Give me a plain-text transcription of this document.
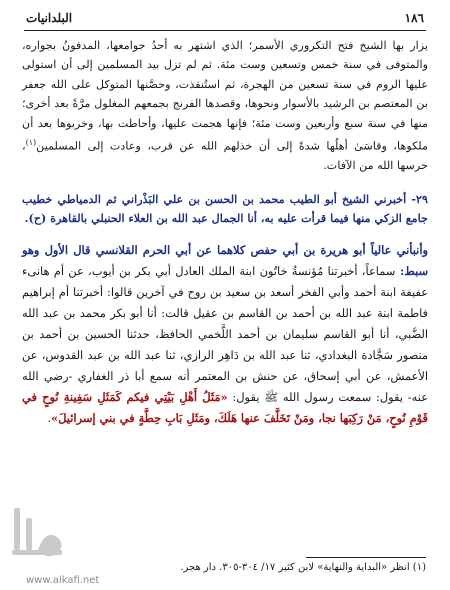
١٨٦
البلدانيات

يزار بها الشيخ فتح التكروري الأسمر؛ الذي اشتهر به أحدُ جوامعها، المدفونُ بجواره، والمتوفى في سنة خمس وتسعين وست مئة. ثم لم تزل بيد المسلمين إلى أن استولى عليها الروم في سنة تسعين من الهجرة، ثم استُنقذت، وحصَّنها المتوكل على الله جعفر بن المعتصم بن الرشيد بالأسوار ونحوها، وقصدها الفرنج بجمعهم المغلول مرَّةً بعد أخرى؛ منها في سنة سبع وأربعين وست مئة؛ فإنها هجمت عليها، وأحاطت بها، وخربوها بعد أن ملكوها، وقاسَىٰ أهلُها شدةً إلى أن خذلهم الله عن قرب، وعادت إلى المسلمين$^{(١)}$، حرسها الله من الآفات.

٢٩- أخبرني الشيخ أبو الطيب محمد بن الحسن بن علي البَذْراني ثم الدمياطي خطيب جامع الزكي منها فيما قرأت عليه به، أنا الجمال عبد الله بن العلاء الحنبلي بالقاهرة (ح).

وأنبأني عالياً أبو هريرة بن أبي حفص كلاهما عن أبي الحرم القلانسي قال الأول وهو سبط: سماعاً، أخبرتنا مُؤنسةُ خاتُون ابنة الملك العادل أبي بكر بن أيوب، عن أم هانىء عفيفة ابنة أحمد وأبي الفخر أسعد بن سعيد بن روح في آخرين قالوا: أخبرتنا أم إبراهيم فاطمة ابنة عبد الله بن أحمد بن القاسم بن عقيل قالت: أنا أبو بكر محمد بن عبد الله الضَّبي، أنا أبو القاسم سليمان بن أحمد اللَّخمي الحافظ، حدثنا الحسين بن أحمد بن منصور سَجَّادة البغدادي، ثنا عبد الله بن دَاهِر الرازي، ثنا عبد الله بن عبد القدوس، عن الأعمش، عن أبي إسحاق، عن حنش بن المعتمر أنه سمع أبا ذر الغفاري -رضي الله عنه- يقول: سمعت رسول الله ﷺ يقول: «مَثَلُ أَهْلِ بَيْتِي فيكم كَمَثَلِ سَفِينةِ نُوحٍ في قَوْمِ نُوحٍ، مَنْ رَكِبَها نجا، ومَنْ تَخَلَّفَ عنها هَلَكَ، ومَثَلِ بَابِ حِطَّةٍ في بني إسرائيلَ».

(١) انظر «البداية والنهاية» لابن كثير ١٧/ ٣٠٤-٣٠٥. دار هجر.
www.alkafi.net
